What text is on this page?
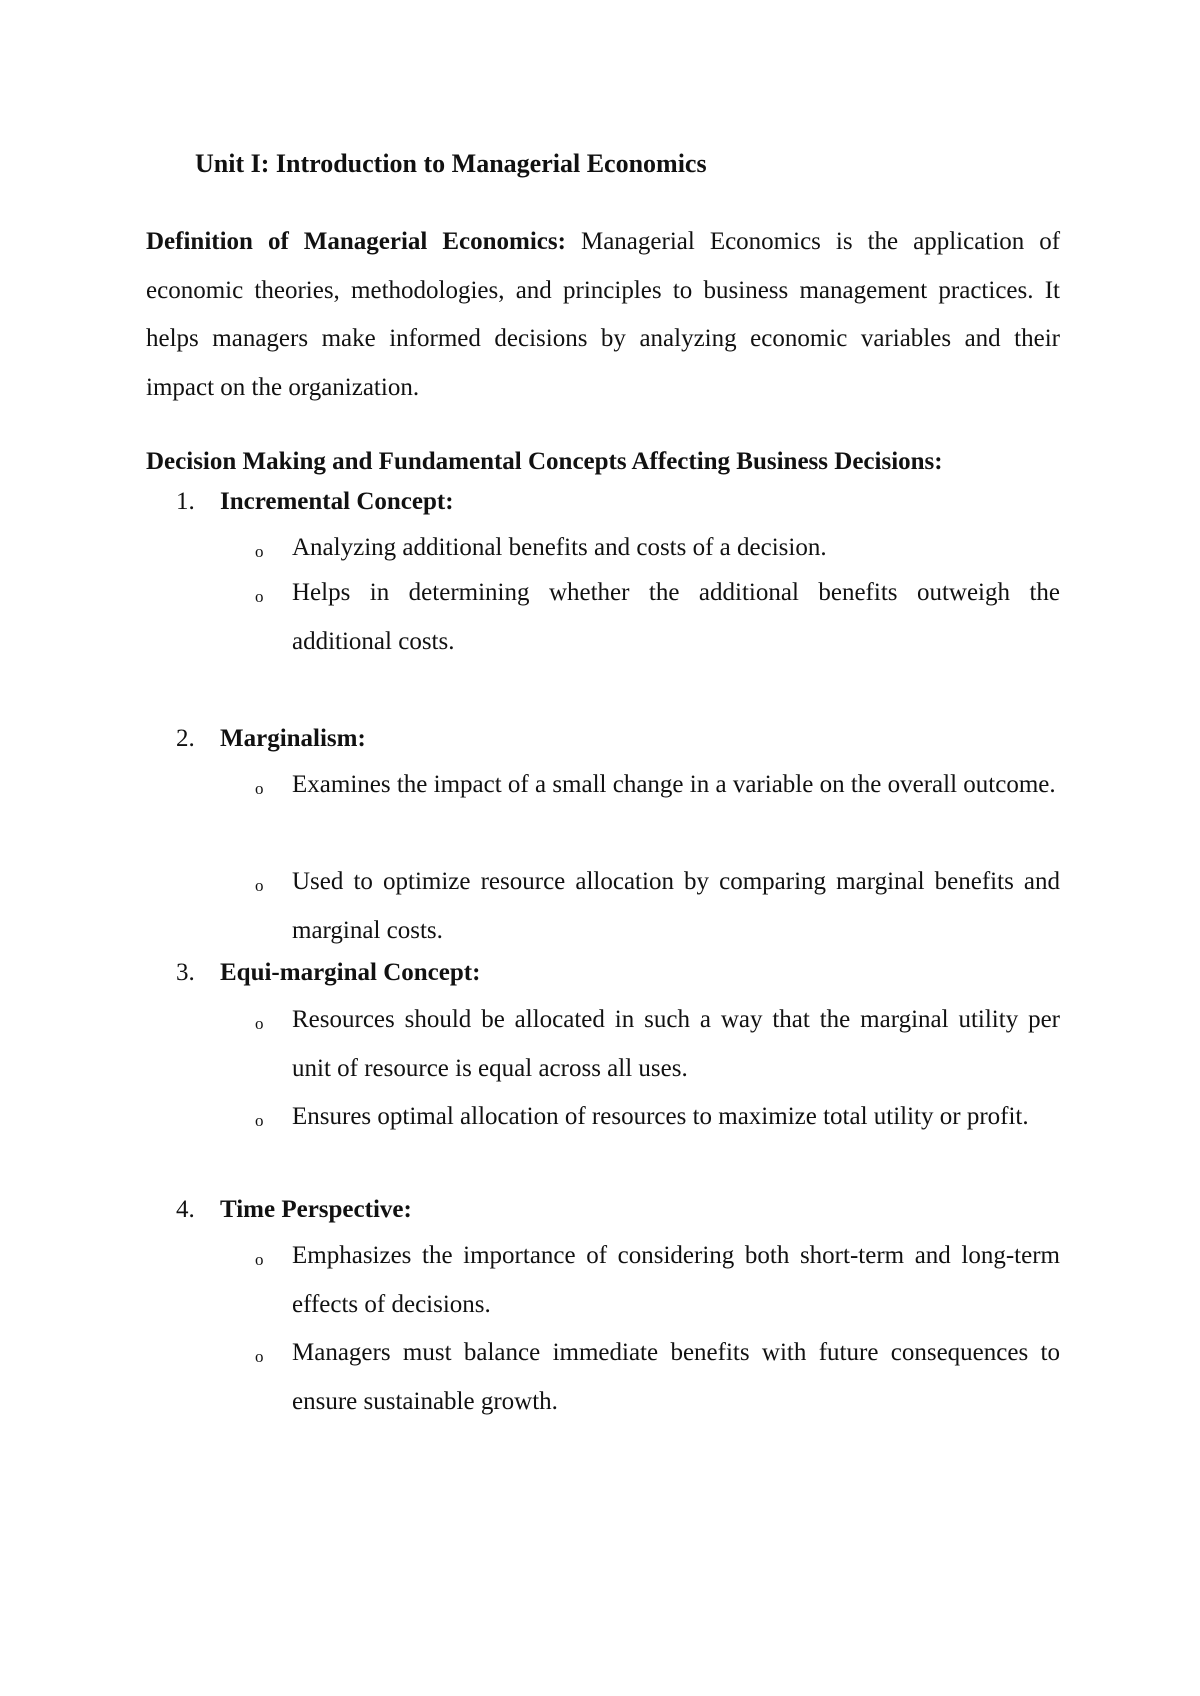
Unit I: Introduction to Managerial Economics
Definition of Managerial Economics: Managerial Economics is the application of economic theories, methodologies, and principles to business management practices. It helps managers make informed decisions by analyzing economic variables and their impact on the organization.
Decision Making and Fundamental Concepts Affecting Business Decisions:
1. Incremental Concept:
o Analyzing additional benefits and costs of a decision.
o Helps in determining whether the additional benefits outweigh the additional costs.
2. Marginalism:
o Examines the impact of a small change in a variable on the overall outcome.
o Used to optimize resource allocation by comparing marginal benefits and marginal costs.
3. Equi-marginal Concept:
o Resources should be allocated in such a way that the marginal utility per unit of resource is equal across all uses.
o Ensures optimal allocation of resources to maximize total utility or profit.
4. Time Perspective:
o Emphasizes the importance of considering both short-term and long-term effects of decisions.
o Managers must balance immediate benefits with future consequences to ensure sustainable growth.
